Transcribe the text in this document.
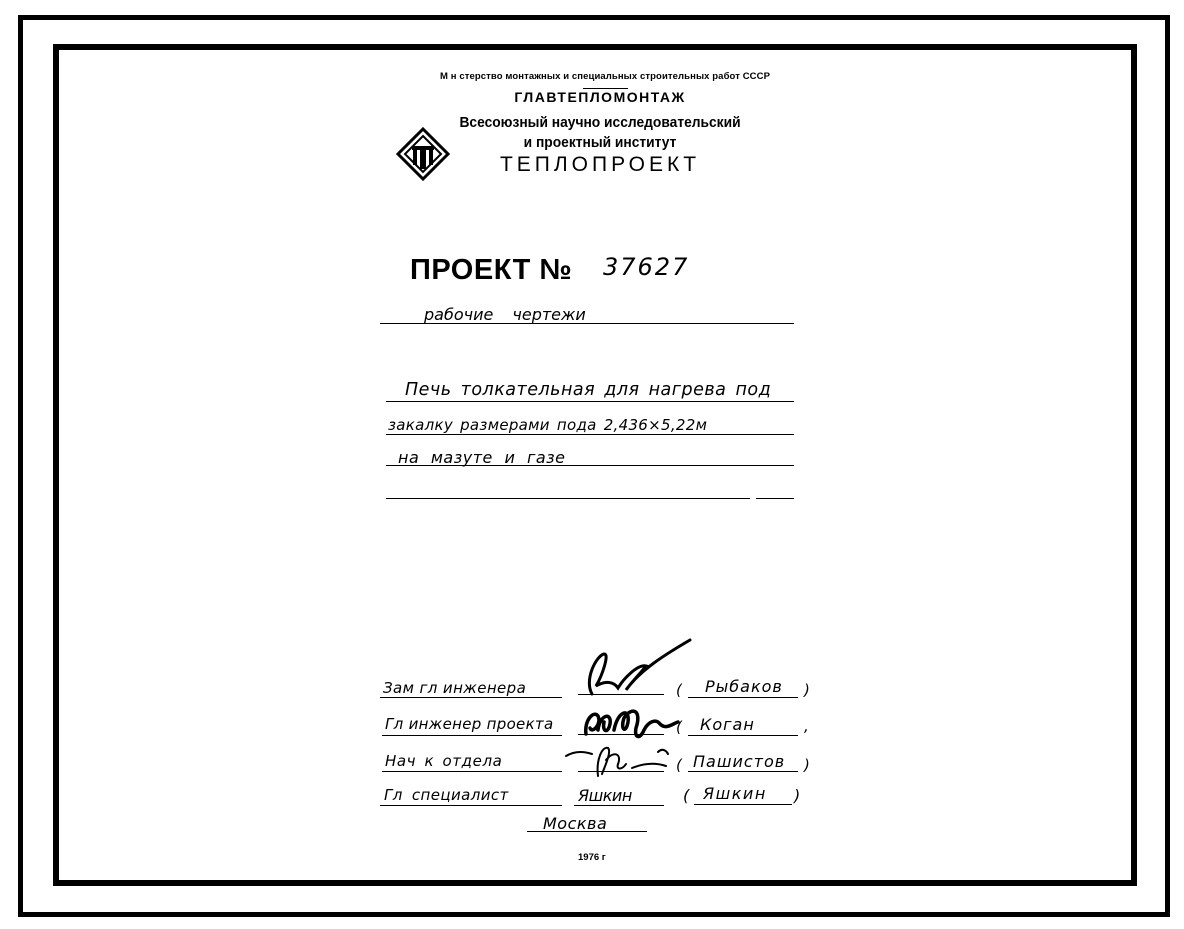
М н стерство монтажных и специальных строительных работ СССР
ГЛАВТЕПЛОМОНТАЖ
Всесоюзный научно исследовательский
и проектный институт
ТЕПЛОПРОЕКТ
ПРОЕКТ № 37627
рабочие чертежи
Печь толкательная для нагрева под
закалку размерами пода 2,436×5,22м
на мазуте и газе
Зам гл инженера	( Рыбаков )
Гл инженер проекта	( Коган	,
Нач к отдела	( Пашистов )
Гл специалист	Яшкин	( Яшкин )
Москва
1976 г
